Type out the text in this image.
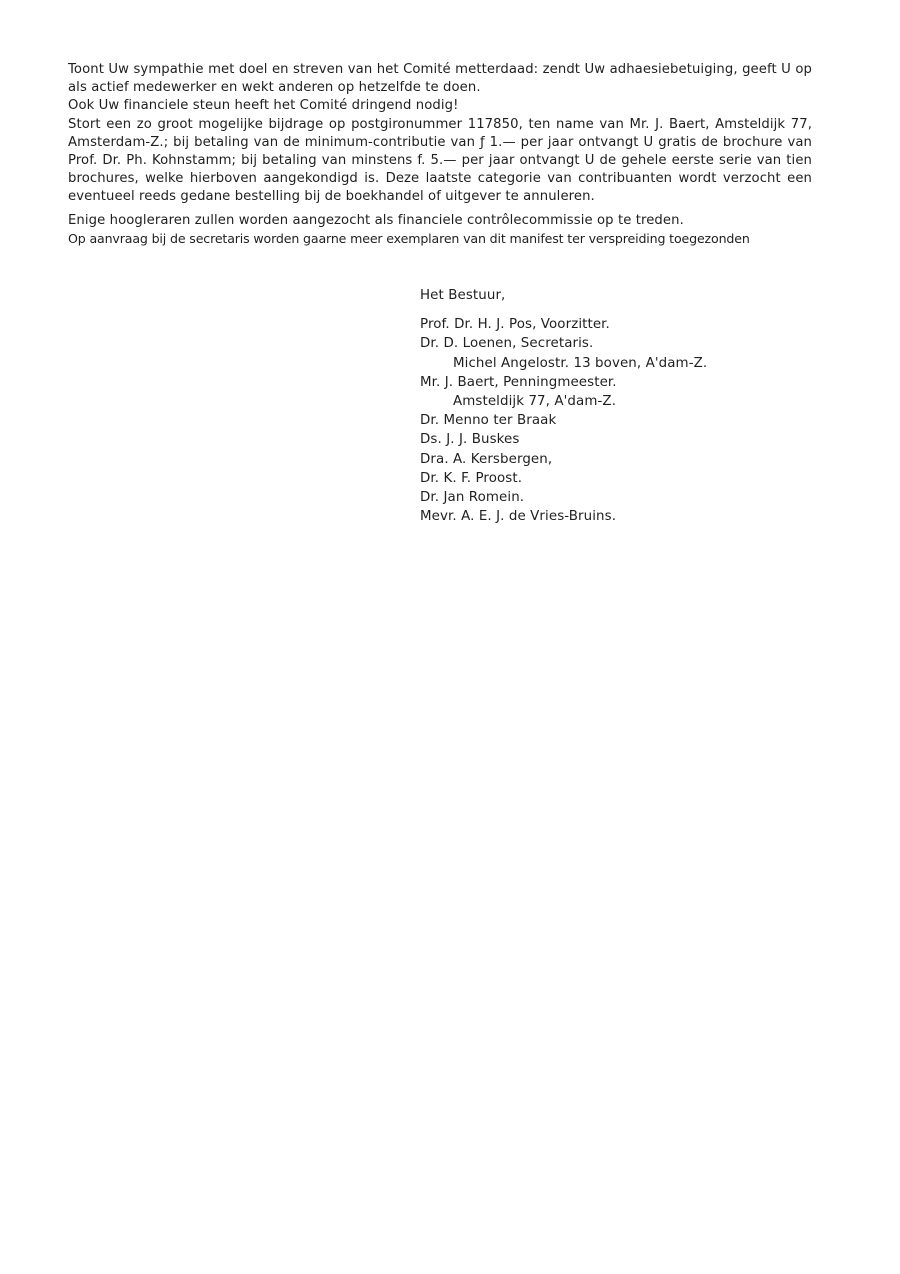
Toont Uw sympathie met doel en streven van het Comité metterdaad: zendt Uw adhaesiebetuiging, geeft U op als actief medewerker en wekt anderen op hetzelfde te doen.

Ook Uw financiele steun heeft het Comité dringend nodig!

Stort een zo groot mogelijke bijdrage op postgironummer 117850, ten name van Mr. J. Baert, Amsteldijk 77, Amsterdam-Z.; bij betaling van de minimum-contributie van ƒ 1.— per jaar ontvangt U gratis de brochure van Prof. Dr. Ph. Kohnstamm; bij betaling van minstens f. 5.— per jaar ontvangt U de gehele eerste serie van tien brochures, welke hierboven aangekondigd is. Deze laatste categorie van contribuanten wordt verzocht een eventueel reeds gedane bestelling bij de boekhandel of uitgever te annuleren.

Enige hoogleraren zullen worden aangezocht als financiele contrôlecommissie op te treden.

Op aanvraag bij de secretaris worden gaarne meer exemplaren van dit manifest ter verspreiding toegezonden

Het Bestuur,
Prof. Dr. H. J. Pos, Voorzitter.
Dr. D. Loenen, Secretaris.
Michel Angelostr. 13 boven, A'dam-Z.
Mr. J. Baert, Penningmeester.
Amsteldijk 77, A'dam-Z.
Dr. Menno ter Braak
Ds. J. J. Buskes
Dra. A. Kersbergen,
Dr. K. F. Proost.
Dr. Jan Romein.
Mevr. A. E. J. de Vries-Bruins.
